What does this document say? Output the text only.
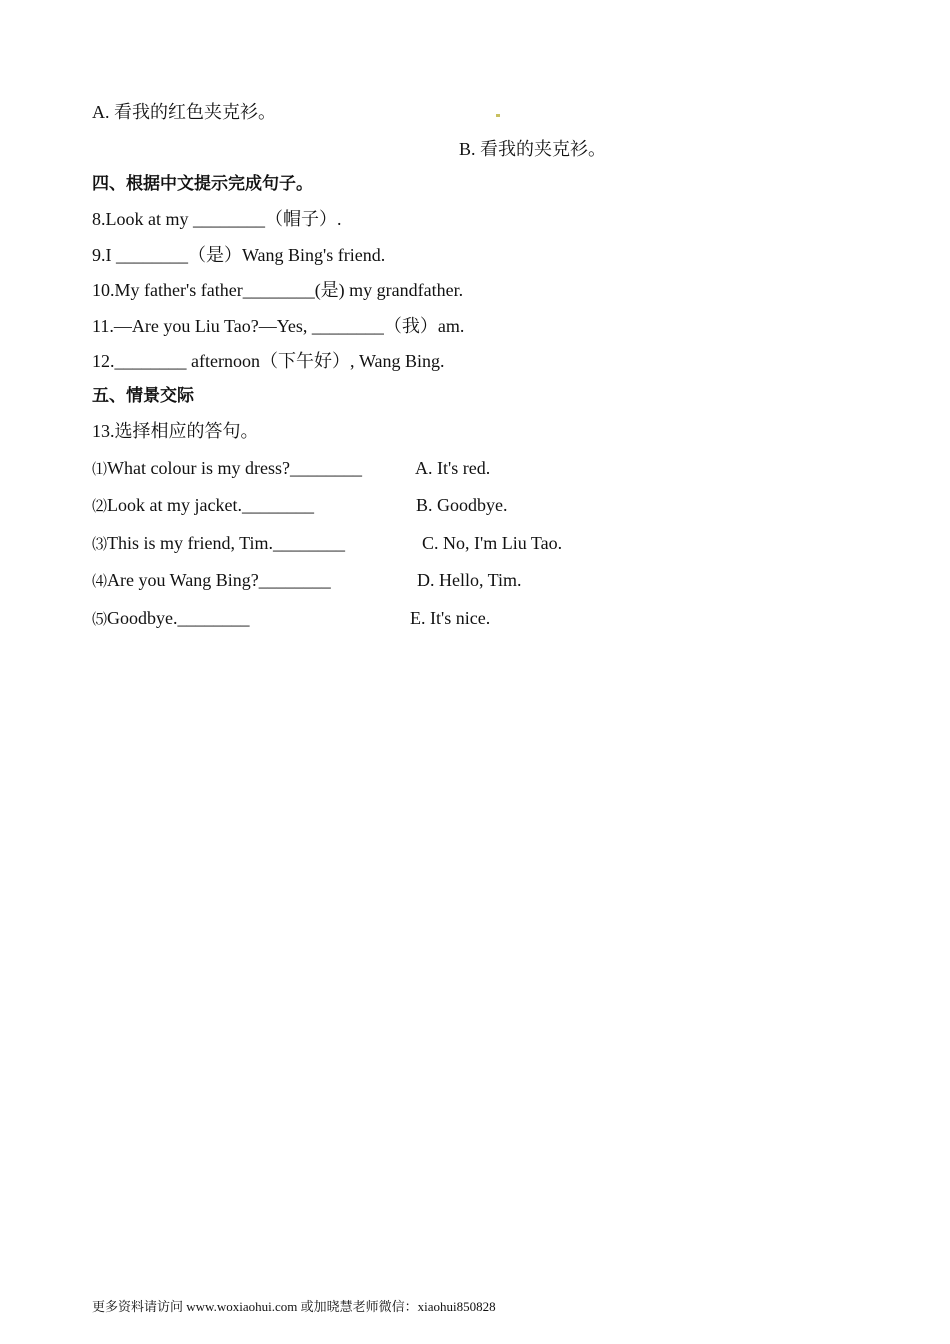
A. 看我的红色夹克衫。
B. 看我的夹克衫。
四、根据中文提示完成句子。
8.Look at my ________（帽子）.
9.I ________（是）Wang Bing's friend.
10.My father's father________(是) my grandfather.
11.—Are you Liu Tao?—Yes, ________（我）am.
12.________ afternoon（下午好）, Wang Bing.
五、情景交际
13.选择相应的答句。
⑴What colour is my dress?________	A. It's red.
⑵Look at my jacket.________	B. Goodbye.
⑶This is my friend, Tim.________	C. No, I'm Liu Tao.
⑷Are you Wang Bing?________	D. Hello, Tim.
⑸Goodbye.________	E. It's nice.
更多资料请访问 www.woxiaohui.com 或加晓慧老师微信：xiaohui850828
